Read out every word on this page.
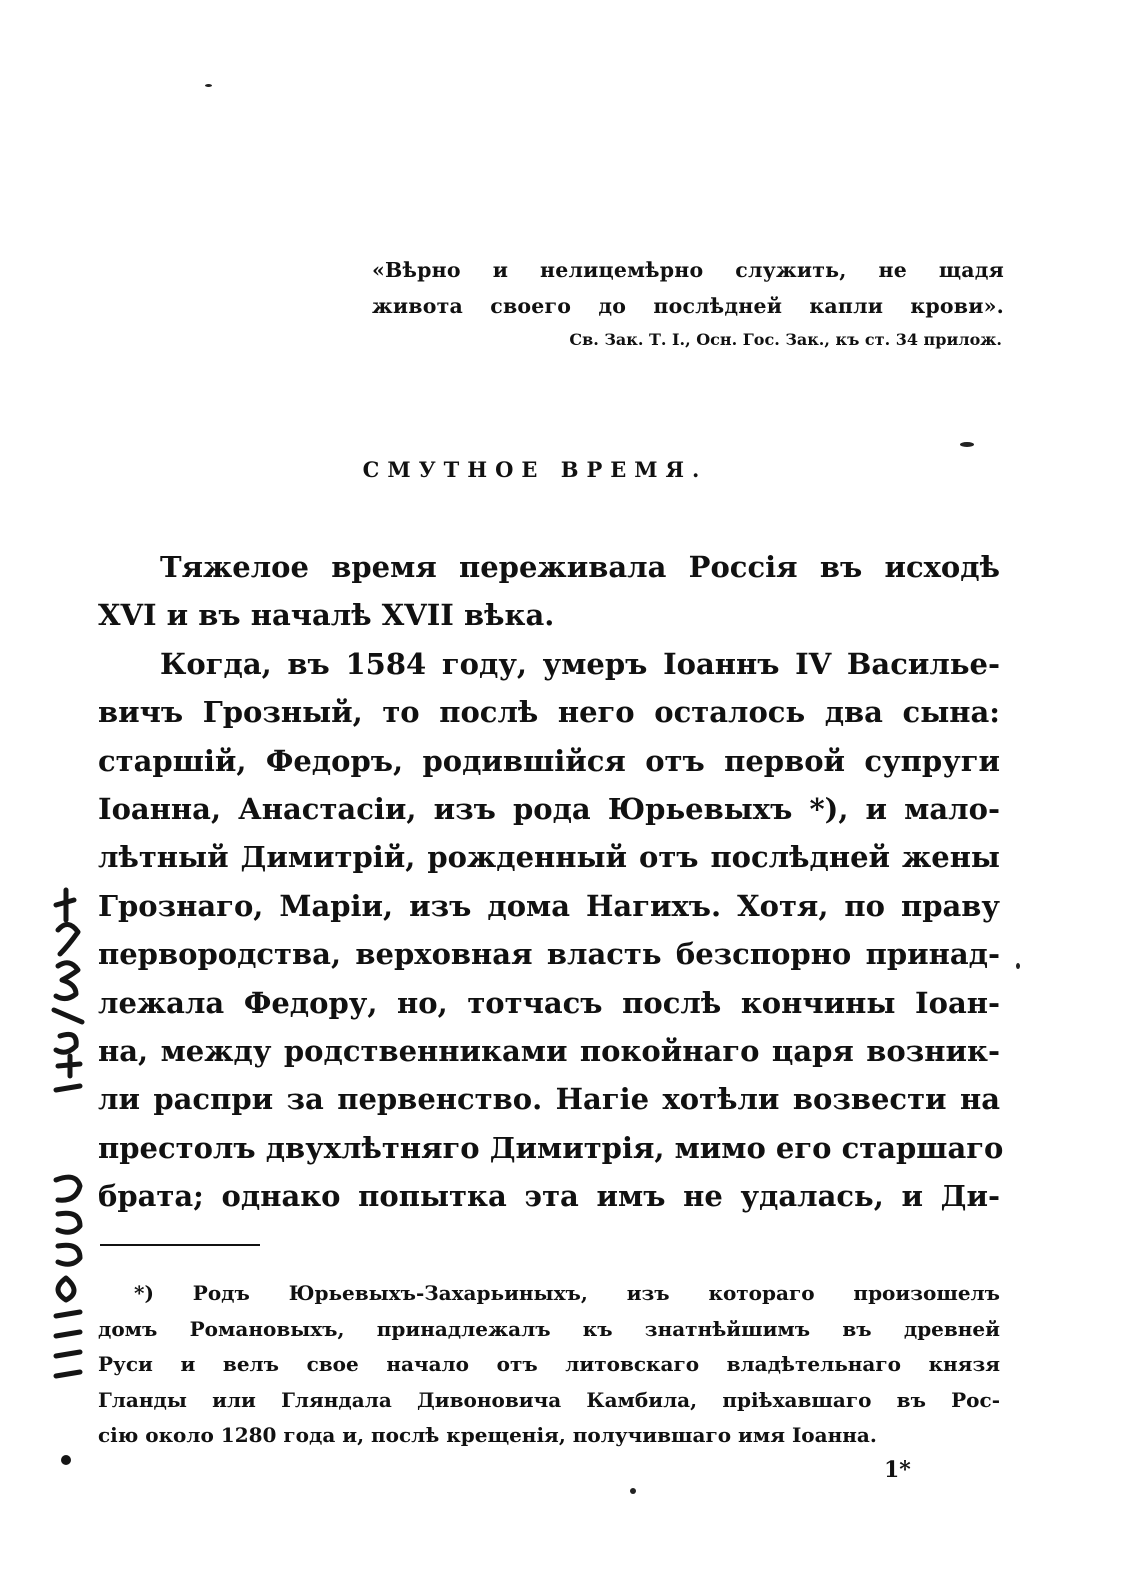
«Вѣрно и нелицемѣрно служить, не щадя
живота своего до послѣдней капли крови».
Св. Зак. Т. I., Осн. Гос. Зак., къ ст. 34 прилож.
СМУТНОЕ ВРЕМЯ.
Тяжелое время переживала Россія въ исходѣ
XVI и въ началѣ XVII вѣка.
Когда, въ 1584 году, умеръ Іоаннъ IV Василье-
вичъ Грозный, то послѣ него осталось два сына:
старшій, Федоръ, родившійся отъ первой супруги
Іоанна, Анастасіи, изъ рода Юрьевыхъ *), и мало-
лѣтный Димитрій, рожденный отъ послѣдней жены
Грознаго, Маріи, изъ дома Нагихъ. Хотя, по праву
первородства, верховная власть безспорно принад-
лежала Федору, но, тотчасъ послѣ кончины Іоан-
на, между родственниками покойнаго царя возник-
ли распри за первенство. Нагіе хотѣли возвести на
престолъ двухлѣтняго Димитрія, мимо его старшаго
брата; однако попытка эта имъ не удалась, и Ди-
*) Родъ Юрьевыхъ-Захарьиныхъ, изъ котораго произошелъ
домъ Романовыхъ, принадлежалъ къ знатнѣйшимъ въ древней
Руси и велъ свое начало отъ литовскаго владѣтельнаго князя
Гланды или Гляндала Дивоновича Камбила, пріѣхавшаго въ Рос-
сію около 1280 года и, послѣ крещенія, получившаго имя Іоанна.
1*
